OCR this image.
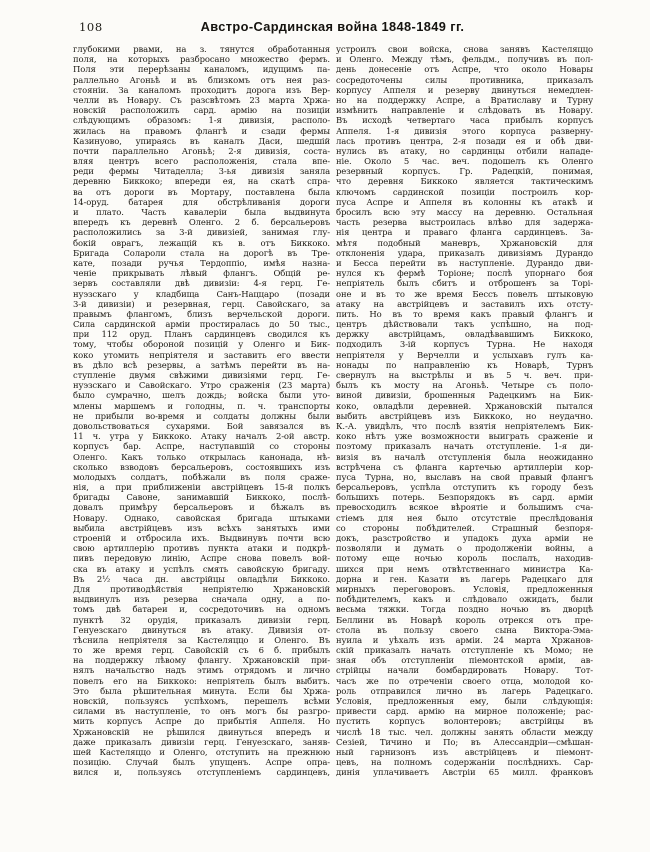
108	Австро-Сардинская война 1848-1849 гг.
глубокими рвами, на з. тянутся обработанныя
поля, на которыхъ разбросано множество фермъ.
Поля эти перерѣзаны каналомъ, идущимъ па-
раллельно Агоньѣ и въ близкомъ отъ нея раз-
стояніи. За каналомъ проходитъ дорога изъ Вер-
челли въ Новару. Съ разсвѣтомъ 23 марта Хржа-
новскій расположилъ сард. армію на позиціи
слѣдующимъ образомъ: 1-я дивизія, располо-
жилась на правомъ флангѣ и сзади фермы
Казинуово, упираясь въ каналъ Даси, шедшій
почти параллельно Агоньѣ; 2-я дивизія, соста-
вляя центръ всего расположенія, стала впе-
реди фермы Читаделла; 3-ья дивизія заняла
деревню Биккоко; впереди ея, на скатѣ спра-
ва отъ дороги въ Мортару, поставлена была
14-оруд. батарея для обстрѣливанія дороги
и плато. Часть кавалеріи была выдвинута
впередъ къ деревнѣ Оленго. 2 б. берсальеровъ
расположились за 3-й дивизіей, занимая глу-
бокій оврагъ, лежащій къ в. отъ Биккоко.
Бригада Солароли стала на дорогѣ въ Тре-
кате, позади ручья Тердоппіо, имѣя назна-
ченіе прикрывать лѣвый флангъ. Общій ре-
зервъ составляли двѣ дивизіи: 4-я герц. Ге-
нуэзскаго у кладбища Санъ-Наццаро (позади
3-й дивизіи) и резервная, герц. Савойскаго, за
правымъ флангомъ, близъ верчельской дороги.
Сила сардинской арміи простиралась до 50 тыс.,
при 112 оруд. Планъ сардинцевъ сводился къ
тому, чтобы обороной позицій у Оленго и Бик-
коко утомить непріятеля и заставить его ввести
въ дѣло всѣ резервы, а затѣмъ перейти въ на-
ступленіе двумя свѣжими дивизіями герц. Ге-
нуэзскаго и Савойскаго. Утро сраженія (23 марта)
было сумрачно, шелъ дождь; войска были уто-
млены маршемъ и голодны, п. ч. транспорты
не прибыли во-время и солдаты должны были
довольствоваться сухарями. Бой завязался въ
11 ч. утра у Биккоко. Атаку началъ 2-ой австр.
корпусъ бар. Аспре, наступавшій со стороны
Оленго. Какъ только открылась канонада, нѣ-
сколько взводовъ берсальеровъ, состоявшихъ изъ
молодыхъ солдатъ, побѣжали въ поля сраже-
нія, а при приближеніи австрійцевъ 15-й полкъ
бригады Савоне, занимавшій Биккоко, послѣ-
довалъ примѣру берсальеровъ и бѣжалъ въ
Новару. Однако, савойская бригада штыками
выбила австрійцевъ изъ всѣхъ занятыхъ ими
строеній и отбросила ихъ. Выдвинувъ почти всю
свою артиллерію противъ пункта атаки и подкрѣ-
пивъ передовую линію, Аспре снова повелъ вой-
ска въ атаку и успѣлъ смять савойскую бригаду.
Въ 2½ часа дн. австрійцы овладѣли Биккоко.
Для противодѣйствія непріятелю Хржановскій
выдвинулъ изъ резерва сначала одну, а по-
томъ двѣ батареи и, сосредоточивъ на одномъ
пунктѣ 32 орудія, приказалъ дивизіи герц.
Генуезскаго двинуться въ атаку. Дивизія от-
тѣснила непріятеля за Кастеляццо и Оленго. Въ
то же время герц. Савойскій съ 6 б. прибылъ
на поддержку лѣвому флангу. Хржановскій при-
нялъ начальство надъ этимъ отрядомъ и лично
повелъ его на Биккоко: непріятель былъ выбитъ.
Это была рѣшительная минута. Если бы Хржа-
новскій, пользуясь успѣхомъ, перешелъ всѣми
силами въ наступленіе, то онъ могъ бы разгро-
мить корпусъ Аспре до прибытія Аппеля. Но
Хржановскій не рѣшился двинуться впередъ и
даже приказалъ дивизіи герц. Генуезскаго, заняв-
шей Кастеляццо и Оленго, отступить на прежнюю
позицію. Случай былъ упущенъ. Аспре опра-
вился и, пользуясь отступленіемъ сардинцевъ,
устроилъ свои войска, снова занявъ Кастеляццо
и Оленго. Между тѣмъ, фельдм., получивъ въ пол-
день донесеніе отъ Аспре, что около Новары
сосредоточены силы противника, приказалъ
корпусу Аппеля и резерву двинуться немедлен-
но на поддержку Аспре, а Вратиславу и Турну
измѣнить направленіе и слѣдовать въ Новару.
Въ исходѣ четвертаго часа прибылъ корпусъ
Аппеля. 1-я дивизія этого корпуса разверну-
лась противъ центра, 2-я позади ея и обѣ дви-
нулись въ атаку, но сардинцы отбили нападе-
ніе. Около 5 час. веч. подошелъ къ Оленго
резервный корпусъ. Гр. Радецкій, понимая,
что деревня Биккоко является тактическимъ
ключомъ сардинской позиціи построилъ кор-
пуса Аспре и Аппеля въ колонны къ атакѣ и
бросилъ всю эту массу на деревню. Остальная
часть резерва выстроилась влѣво для задержа-
нія центра и праваго фланга сардинцевъ. За-
мѣтя подобный маневръ, Хржановскій для
отклоненія удара, приказалъ дивизіямъ Дурандо
и Бесса перейти въ наступленіе. Дурандо дви-
нулся къ фермѣ Торіоне; послѣ упорнаго боя
непріятель былъ сбитъ и отброшенъ за Торі-
оне и въ то же время Бессъ повелъ штыковую
атаку на австрійцевъ и заставилъ ихъ отсту-
пить. Но въ то время какъ правый флангъ и
центръ дѣйствовали такъ успѣшно, на под-
держку австрійцамъ, овладѣвавшимъ Биккоко,
подходилъ 3-ій корпусъ Турна. Не находя
непріятеля у Верчелли и услыхавъ гулъ ка-
нонады по направленію къ Новарѣ, Турнъ
свернулъ на выстрѣлы и въ 5 ч. веч. при-
былъ къ мосту на Агоньѣ. Четыре съ поло-
виной дивизіи, брошенныя Радецкимъ на Бик-
коко, овладѣли деревней. Хржановскій пытался
выбить австрійцевъ изъ Биккоко, но неудачно.
К.-А. увидѣлъ, что послѣ взятія непріятелемъ Бик-
коко нѣтъ уже возможности выиграть сраженіе и
поэтому приказалъ начать отступленіе. 1-я ди-
визія въ началѣ отступленія была неожиданно
встрѣчена съ фланга картечью артиллеріи кор-
пуса Турна, но, выславъ на свой правый флангъ
берсальеровъ, успѣла отступить къ городу безъ
большихъ потерь. Безпорядокъ въ сард. арміи
превосходилъ всякое вѣроятіе и большимъ сча-
стіемъ для нея было отсутствіе преслѣдованія
со стороны побѣдителей. Страшный безпоря-
докъ, разстройство и упадокъ духа арміи не
позволяли и думать о продолженіи войны, а
потому еще ночью король послалъ, находив-
шихся при немъ отвѣтственнаго министра Ка-
дорна и ген. Казати въ лагерь Радецкаго для
мирныхъ переговоровъ. Условія, предложенныя
побѣдителемъ, какъ и слѣдовало ожидать, были
весьма тяжки. Тогда поздно ночью въ дворцѣ
Беллини въ Новарѣ король отрекся отъ пре-
стола въ пользу своего сына Виктора-Эма-
нуила и уѣхалъ изъ арміи. 24 марта Хржанов-
скій приказалъ начать отступленіе къ Момо; не
зная объ отступленіи піемонтской арміи, ав-
стрійцы начали бомбардировать Новару. Тот-
часъ же по отреченіи своего отца, молодой ко-
роль отправился лично въ лагерь Радецкаго.
Условія, предложенныя ему, были слѣдующія:
привести сард. армію на мирное положеніе; рас-
пустить корпусъ волонтеровъ; австрійцы въ
числѣ 18 тыс. чел. должны занять области между
Сезіей, Тичино и По; въ Алессандріи—смѣшан-
ный гарнизонъ изъ австрійцевъ и піемонт-
цевъ, на полномъ содержаніи послѣднихъ. Сар-
динія уплачиваетъ Австріи 65 милл. франковъ
